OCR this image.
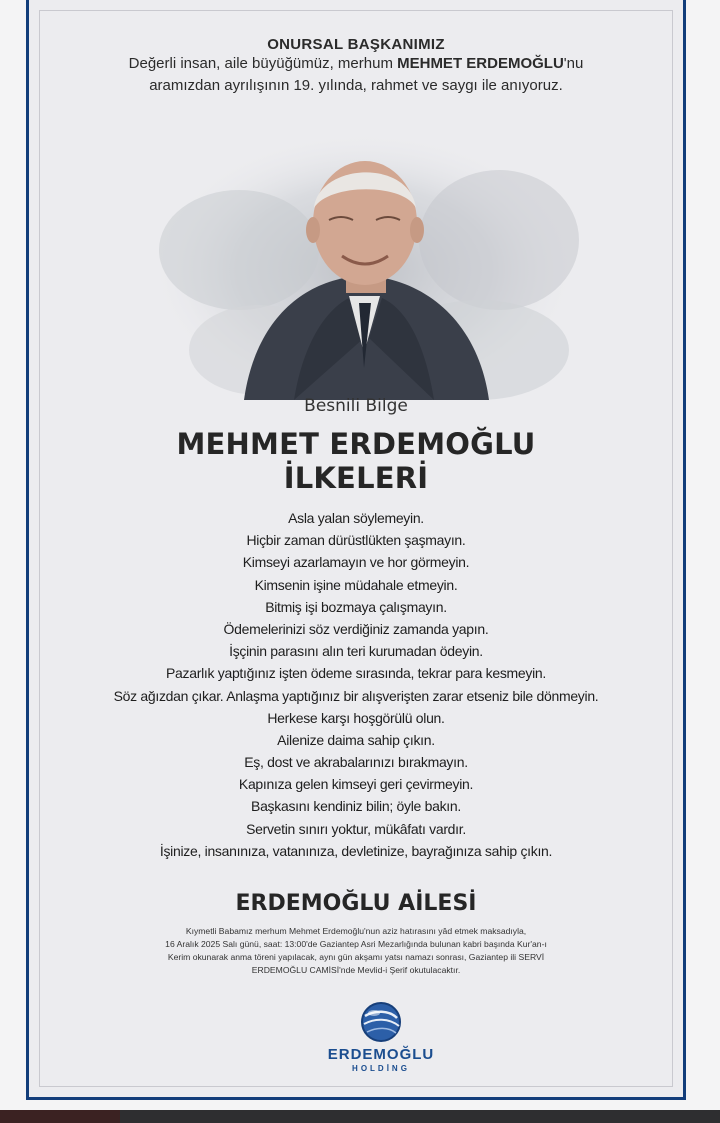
ONURSAL BAŞKANIMIZ
Değerli insan, aile büyüğümüz, merhum MEHMET ERDEMOĞLU'nu
aramızdan ayrılışının 19. yılında, rahmet ve saygı ile anıyoruz.
Besnili Bilge
MEHMET ERDEMOĞLU
İLKELERİ
Asla yalan söylemeyin.
Hiçbir zaman dürüstlükten şaşmayın.
Kimseyi azarlamayın ve hor görmeyin.
Kimsenin işine müdahale etmeyin.
Bitmiş işi bozmaya çalışmayın.
Ödemelerinizi söz verdiğiniz zamanda yapın.
İşçinin parasını alın teri kurumadan ödeyin.
Pazarlık yaptığınız işten ödeme sırasında, tekrar para kesmeyin.
Söz ağızdan çıkar. Anlaşma yaptığınız bir alışverişten zarar etseniz bile dönmeyin.
Herkese karşı hoşgörülü olun.
Ailenize daima sahip çıkın.
Eş, dost ve akrabalarınızı bırakmayın.
Kapınıza gelen kimseyi geri çevirmeyin.
Başkasını kendiniz bilin; öyle bakın.
Servetin sınırı yoktur, mükâfatı vardır.
İşinize, insanınıza, vatanınıza, devletinize, bayrağınıza sahip çıkın.
ERDEMOĞLU AİLESİ
Kıymetli Babamız merhum Mehmet Erdemoğlu'nun aziz hatırasını yâd etmek maksadıyla,
16 Aralık 2025 Salı günü, saat: 13:00'de Gaziantep Asri Mezarlığında bulunan kabri başında Kur'an-ı
Kerim okunarak anma töreni yapılacak, aynı gün akşamı yatsı namazı sonrası, Gaziantep ili SERVİ
ERDEMOĞLU CAMİSİ'nde Mevlid-i Şerif okutulacaktır.
ERDEMOĞLU
HOLDİNG
